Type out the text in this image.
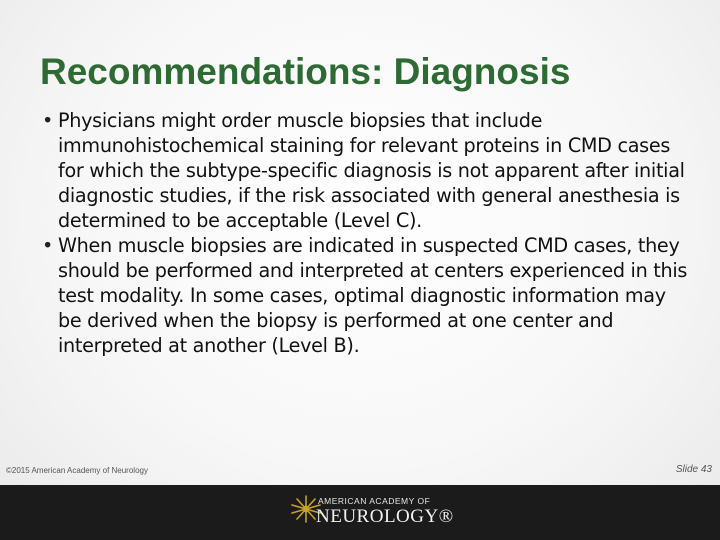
Recommendations: Diagnosis
• Physicians might order muscle biopsies that include immunohistochemical staining for relevant proteins in CMD cases for which the subtype-specific diagnosis is not apparent after initial diagnostic studies, if the risk associated with general anesthesia is determined to be acceptable (Level C).
• When muscle biopsies are indicated in suspected CMD cases, they should be performed and interpreted at centers experienced in this test modality. In some cases, optimal diagnostic information may be derived when the biopsy is performed at one center and interpreted at another (Level B).
©2015 American Academy of Neurology	Slide 43
AMERICAN ACADEMY OF
NEUROLOGY®
